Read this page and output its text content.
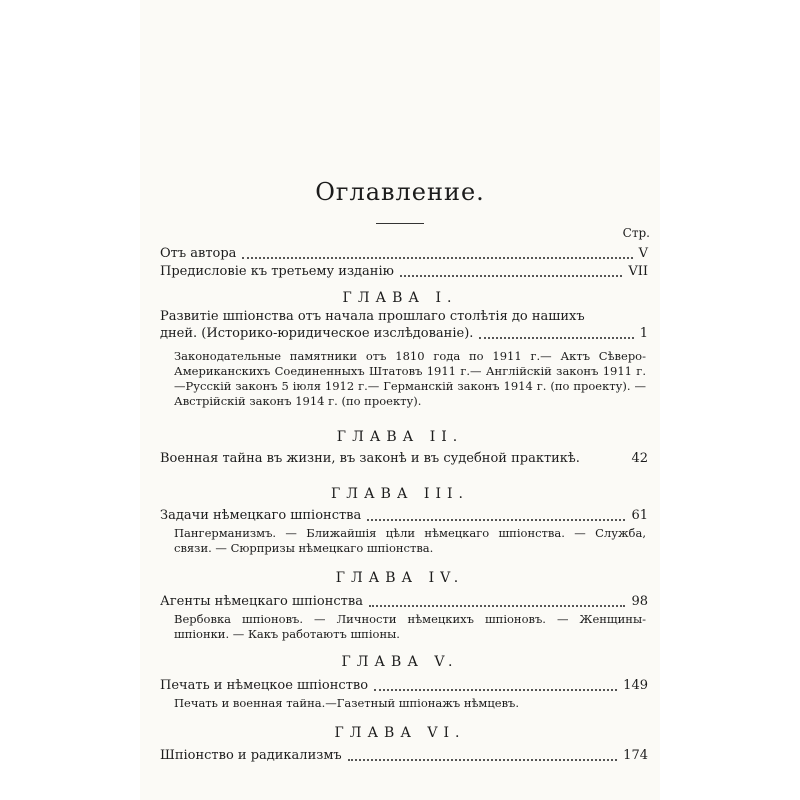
Оглавление.
Стр.
Отъ автора	V
Предисловіе къ третьему изданію	VII
ГЛАВА I.
Развитіе шпіонства отъ начала прошлаго столѣтія до нашихъ
дней. (Историко-юридическое изслѣдованіе).	1
Законодательные памятники отъ 1810 года по 1911 г.— Актъ Сѣверо-Американскихъ Соединенныхъ Штатовъ 1911 г.— Англійскій законъ 1911 г.—Русскій законъ 5 іюля 1912 г.— Германскій законъ 1914 г. (по проекту). — Австрійскій законъ 1914 г. (по проекту).
ГЛАВА II.
Военная тайна въ жизни, въ законѣ и въ судебной практикѣ.	42
ГЛАВА III.
Задачи нѣмецкаго шпіонства	61
Пангерманизмъ. — Ближайшія цѣли нѣмецкаго шпіонства. — Служба, связи. — Сюрпризы нѣмецкаго шпіонства.
ГЛАВА IV.
Агенты нѣмецкаго шпіонства	98
Вербовка шпіоновъ. — Личности нѣмецкихъ шпіоновъ. — Женщины-шпіонки. — Какъ работаютъ шпіоны.
ГЛАВА V.
Печать и нѣмецкое шпіонство	149
Печать и военная тайна.—Газетный шпіонажъ нѣмцевъ.
ГЛАВА VI.
Шпіонство и радикализмъ	174
